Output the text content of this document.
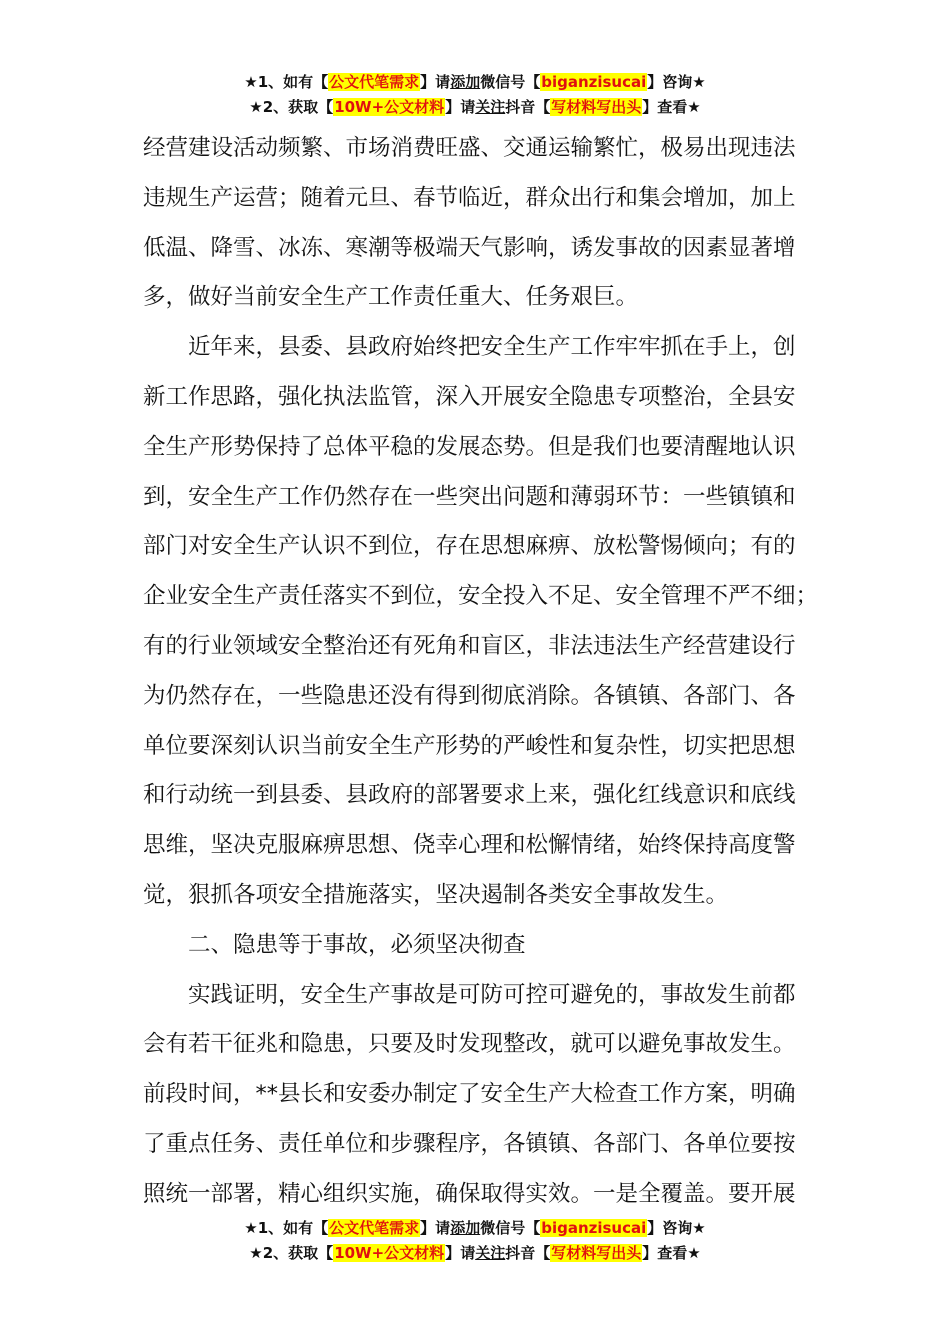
★1、如有【公文代笔需求】请添加微信号【biganzisucai】咨询★
★2、获取【10W+公文材料】请关注抖音【写材料写出头】查看★

经营建设活动频繁、市场消费旺盛、交通运输繁忙，极易出现违法

违规生产运营；随着元旦、春节临近，群众出行和集会增加，加上

低温、降雪、冰冻、寒潮等极端天气影响，诱发事故的因素显著增

多，做好当前安全生产工作责任重大、任务艰巨。

　　近年来，县委、县政府始终把安全生产工作牢牢抓在手上，创

新工作思路，强化执法监管，深入开展安全隐患专项整治，全县安

全生产形势保持了总体平稳的发展态势。但是我们也要清醒地认识

到，安全生产工作仍然存在一些突出问题和薄弱环节：一些镇镇和

部门对安全生产认识不到位，存在思想麻痹、放松警惕倾向；有的

企业安全生产责任落实不到位，安全投入不足、安全管理不严不细；

有的行业领域安全整治还有死角和盲区，非法违法生产经营建设行

为仍然存在，一些隐患还没有得到彻底消除。各镇镇、各部门、各

单位要深刻认识当前安全生产形势的严峻性和复杂性，切实把思想

和行动统一到县委、县政府的部署要求上来，强化红线意识和底线

思维，坚决克服麻痹思想、侥幸心理和松懈情绪，始终保持高度警

觉，狠抓各项安全措施落实，坚决遏制各类安全事故发生。

　　二、隐患等于事故，必须坚决彻查

　　实践证明，安全生产事故是可防可控可避免的，事故发生前都

会有若干征兆和隐患，只要及时发现整改，就可以避免事故发生。

前段时间，**县长和安委办制定了安全生产大检查工作方案，明确

了重点任务、责任单位和步骤程序，各镇镇、各部门、各单位要按

照统一部署，精心组织实施，确保取得实效。一是全覆盖。要开展

★1、如有【公文代笔需求】请添加微信号【biganzisucai】咨询★
★2、获取【10W+公文材料】请关注抖音【写材料写出头】查看★
